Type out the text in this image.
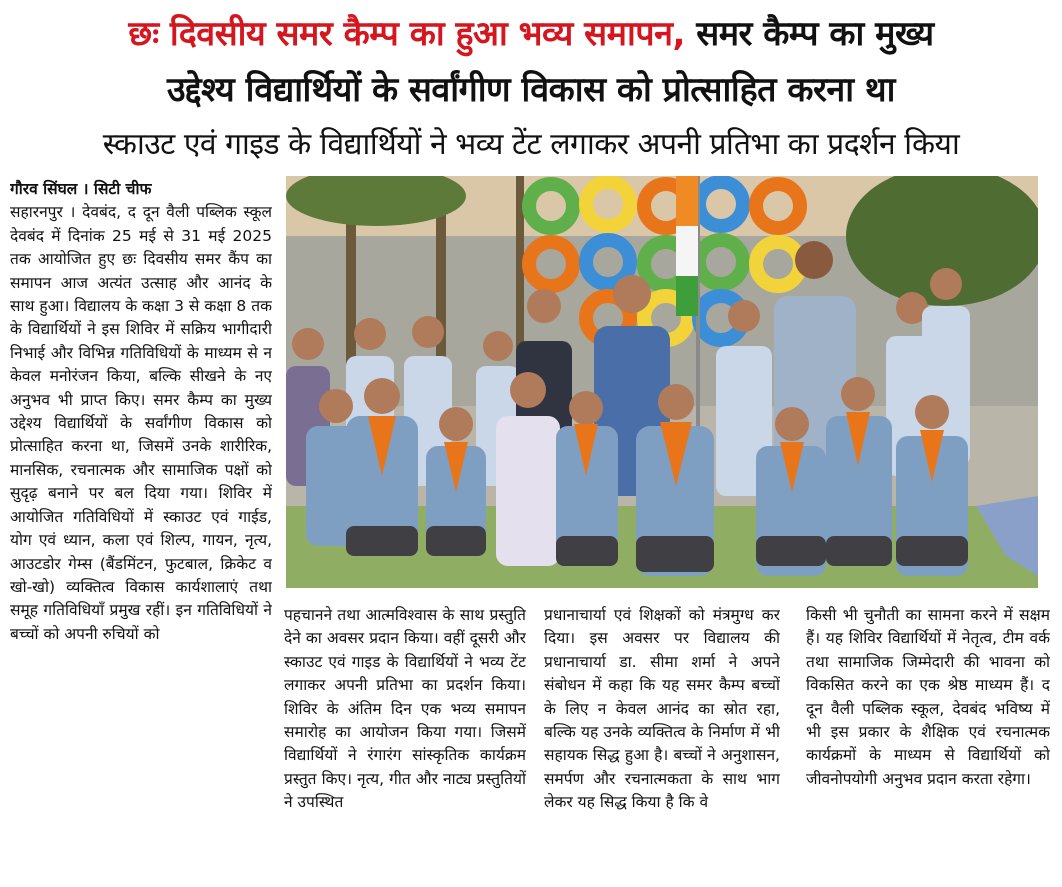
छः दिवसीय समर कैम्प का हुआ भव्य समापन, समर कैम्प का मुख्य
उद्देश्य विद्यार्थियों के सर्वांगीण विकास को प्रोत्साहित करना था
स्काउट एवं गाइड के विद्यार्थियों ने भव्य टेंट लगाकर अपनी प्रतिभा का प्रदर्शन किया
गौरव सिंघल । सिटी चीफ
सहारनपुर । देवबंद, द दून वैली पब्लिक स्कूल देवबंद में दिनांक 25 मई से 31 मई 2025 तक आयोजित हुए छः दिवसीय समर कैंप का समापन आज अत्यंत उत्साह और आनंद के साथ हुआ। विद्यालय के कक्षा 3 से कक्षा 8 तक के विद्यार्थियों ने इस शिविर में सक्रिय भागीदारी निभाई और विभिन्न गतिविधियों के माध्यम से न केवल मनोरंजन किया, बल्कि सीखने के नए अनुभव भी प्राप्त किए। समर कैम्प का मुख्य उद्देश्य विद्यार्थियों के सर्वांगीण विकास को प्रोत्साहित करना था, जिसमें उनके शारीरिक, मानसिक, रचनात्मक और सामाजिक पक्षों को सुदृढ़ बनाने पर बल दिया गया। शिविर में आयोजित गतिविधियों में स्काउट एवं गाईड, योग एवं ध्यान, कला एवं शिल्प, गायन, नृत्य, आउटडोर गेम्स (बैंडमिंटन, फुटबाल, क्रिकेट व खो-खो) व्यक्तित्व विकास कार्यशालाएं तथा समूह गतिविधियाँ प्रमुख रहीं। इन गतिविधियों ने बच्चों को अपनी रुचियों को
पहचानने तथा आत्मविश्वास के साथ प्रस्तुति देने का अवसर प्रदान किया। वहीं दूसरी और स्काउट एवं गाइड के विद्यार्थियों ने भव्य टेंट लगाकर अपनी प्रतिभा का प्रदर्शन किया। शिविर के अंतिम दिन एक भव्य समापन समारोह का आयोजन किया गया। जिसमें विद्यार्थियों ने रंगारंग सांस्कृतिक कार्यक्रम प्रस्तुत किए। नृत्य, गीत और नाट्य प्रस्तुतियों ने उपस्थित
प्रधानाचार्या एवं शिक्षकों को मंत्रमुग्ध कर दिया। इस अवसर पर विद्यालय की प्रधानाचार्या डा. सीमा शर्मा ने अपने संबोधन में कहा कि यह समर कैम्प बच्चों के लिए न केवल आनंद का स्रोत रहा, बल्कि यह उनके व्यक्तित्व के निर्माण में भी सहायक सिद्ध हुआ है। बच्चों ने अनुशासन, समर्पण और रचनात्मकता के साथ भाग लेकर यह सिद्ध किया है कि वे
किसी भी चुनौती का सामना करने में सक्षम हैं। यह शिविर विद्यार्थियों में नेतृत्व, टीम वर्क तथा सामाजिक जिम्मेदारी की भावना को विकसित करने का एक श्रेष्ठ माध्यम हैं। द दून वैली पब्लिक स्कूल, देवबंद भविष्य में भी इस प्रकार के शैक्षिक एवं रचनात्मक कार्यक्रमों के माध्यम से विद्यार्थियों को जीवनोपयोगी अनुभव प्रदान करता रहेगा।
